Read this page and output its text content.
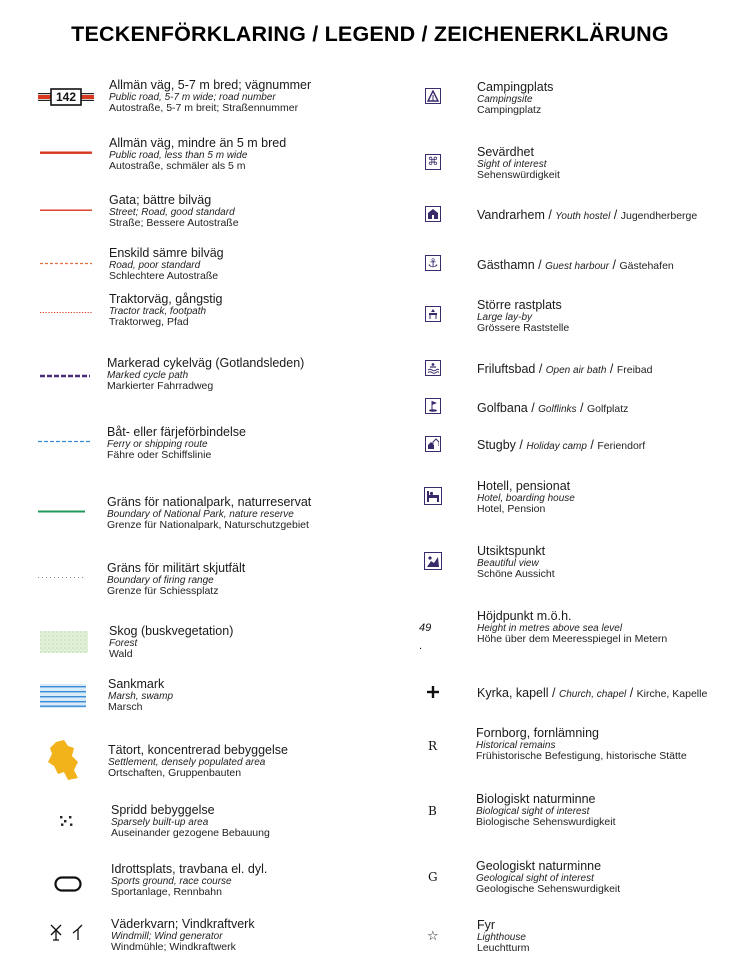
TECKENFÖRKLARING / LEGEND / ZEICHENERKLÄRUNG
142
Allmän väg, 5-7 m bred; vägnummer
Public road, 5-7 m wide; road number
Autostraße, 5-7 m breit; Straßennummer
Allmän väg, mindre än 5 m bred
Public road, less than 5 m wide
Autostraße, schmäler als 5 m
Gata; bättre bilväg
Street; Road, good standard
Straße; Bessere Autostraße
Enskild sämre bilväg
Road, poor standard
Schlechtere Autostraße
Traktorväg, gångstig
Tractor track, footpath
Traktorweg, Pfad
Markerad cykelväg (Gotlandsleden)
Marked cycle path
Markierter Fahrradweg
Båt- eller färjeförbindelse
Ferry or shipping route
Fähre oder Schiffslinie
Gräns för nationalpark, naturreservat
Boundary of National Park, nature reserve
Grenze für Nationalpark, Naturschutzgebiet
Gräns för militärt skjutfält
Boundary of firing range
Grenze für Schiessplatz
Skog (buskvegetation)
Forest
Wald
Sankmark
Marsh, swamp
Marsch
Tätort, koncentrerad bebyggelse
Settlement, densely populated area
Ortschaften, Gruppenbauten
Spridd bebyggelse
Sparsely built-up area
Auseinander gezogene Bebauung
Idrottsplats, travbana el. dyl.
Sports ground, race course
Sportanlage, Rennbahn
Väderkvarn; Vindkraftverk
Windmill; Wind generator
Windmühle; Windkraftwerk
Campingplats
Campingsite
Campingplatz
⌘
Sevärdhet
Sight of interest
Sehenswürdigkeit
Vandrarhem / Youth hostel / Jugendherberge
⚓	Gästhamn / Guest harbour / Gästehafen
Större rastplats
Large lay-by
Grössere Raststelle
Friluftsbad / Open air bath / Freibad
Golfbana / Golflinks / Golfplatz
Stugby / Holiday camp / Feriendorf
Hotell, pensionat
Hotel, boarding house
Hotel, Pension
Utsiktspunkt
Beautiful view
Schöne Aussicht
49 .
Höjdpunkt m.ö.h.
Height in metres above sea level
Höhe über dem Meeresspiegel in Metern
Kyrka, kapell / Church, chapel / Kirche, Kapelle
R
Fornborg, fornlämning
Historical remains
Frühistorische Befestigung, historische Stätte
B
Biologiskt naturminne
Biological sight of interest
Biologische Sehenswurdigkeit
G
Geologiskt naturminne
Geological sight of interest
Geologische Sehenswurdigkeit
☆
Fyr
Lighthouse
Leuchtturm
